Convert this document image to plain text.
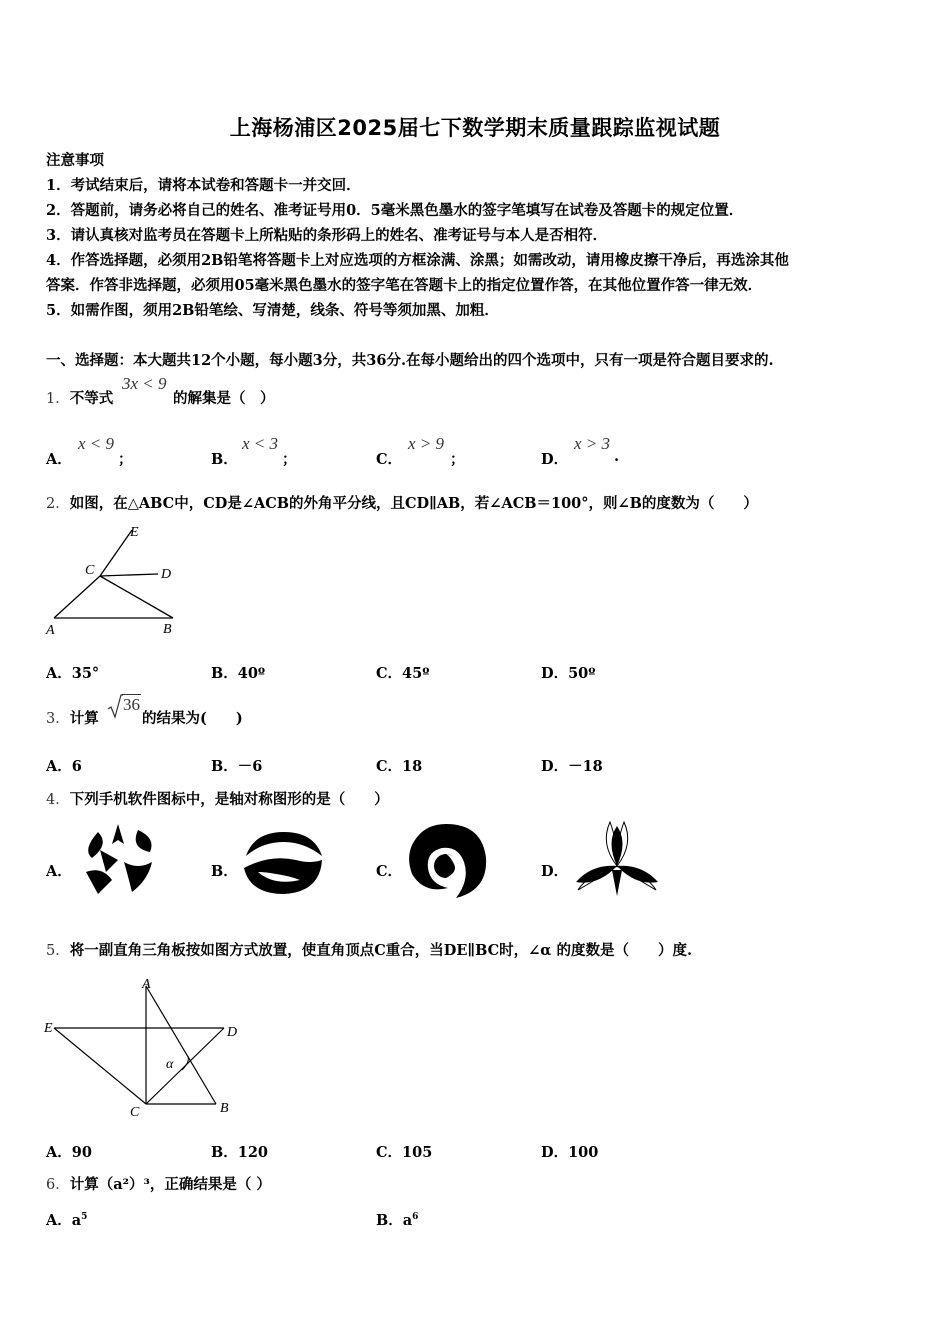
上海杨浦区2025届七下数学期末质量跟踪监视试题
注意事项
1．考试结束后，请将本试卷和答题卡一并交回．
2．答题前，请务必将自己的姓名、准考证号用0．5毫米黑色墨水的签字笔填写在试卷及答题卡的规定位置．
3．请认真核对监考员在答题卡上所粘贴的条形码上的姓名、准考证号与本人是否相符．
4．作答选择题，必须用2B铅笔将答题卡上对应选项的方框涂满、涂黑；如需改动，请用橡皮擦干净后，再选涂其他
答案．作答非选择题，必须用05毫米黑色墨水的签字笔在答题卡上的指定位置作答，在其他位置作答一律无效．
5．如需作图，须用2B铅笔绘、写清楚，线条、符号等须加黑、加粗．
一、选择题：本大题共12个小题，每小题3分，共36分.在每小题给出的四个选项中，只有一项是符合题目要求的.
1．不等式
3x < 9
的解集是（　）
A．
x < 9
；	B．
x < 3
；	C．
x > 9
；	D．
x > 3
.
2．如图，在△ABC中，CD是∠ACB的外角平分线，且CD∥AB，若∠ACB＝100°，则∠B的度数为（　　）
E
C	D
A	B
A．35°	B．40º	C．45º	D．50º
3．计算
36
的结果为(　　)
A．6	B．－6	C．18	D．－18
4．下列手机软件图标中，是轴对称图形的是（　　）
A．	B．	C．	D．
5．将一副直角三角板按如图方式放置，使直角顶点C重合，当DE∥BC时，∠α 的度数是（　　）度.
A
E	D
α
C	B
A．90	B．120	C．105	D．100
6．计算（a²）³，正确结果是（ ）
A．$a^5$	B．$a^6$
